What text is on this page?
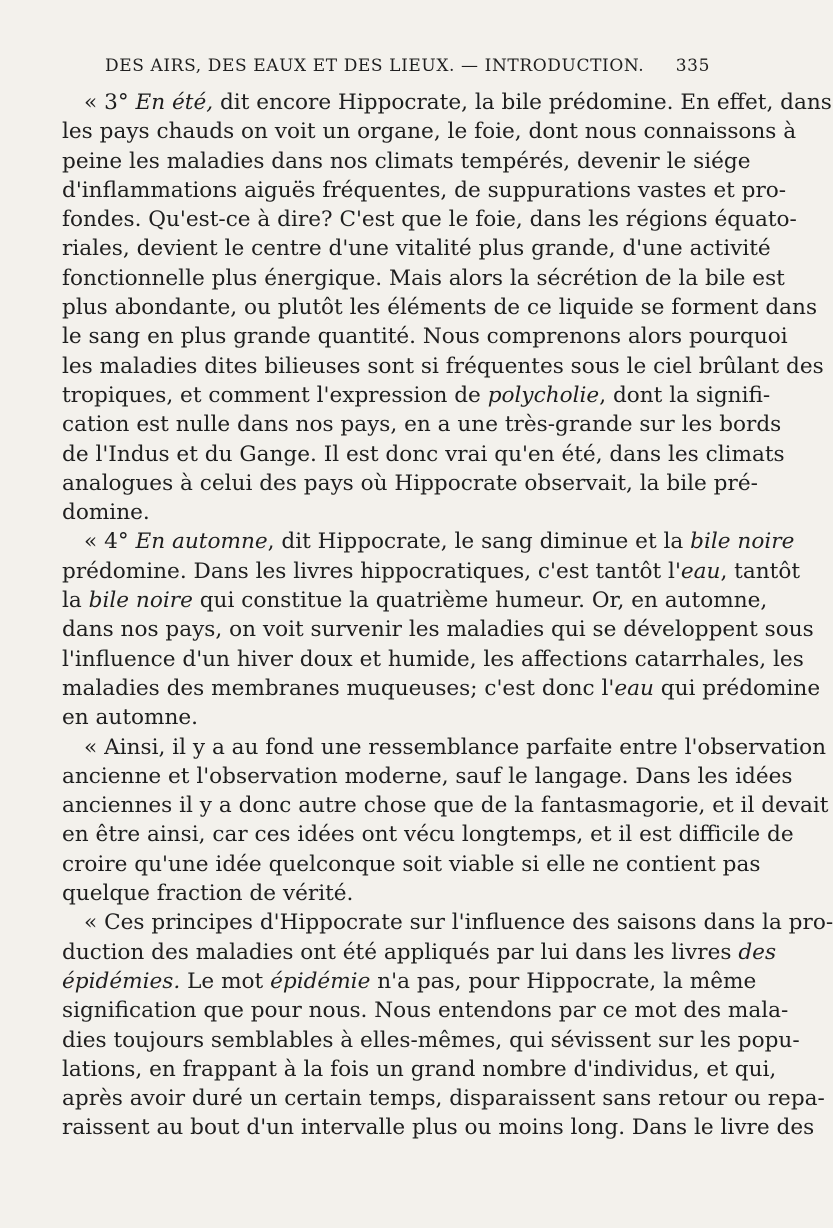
DES AIRS, DES EAUX ET DES LIEUX. — INTRODUCTION. 335
« 3° En été, dit encore Hippocrate, la bile prédomine. En effet, dans
les pays chauds on voit un organe, le foie, dont nous connaissons à
peine les maladies dans nos climats tempérés, devenir le siége
d'inflammations aiguës fréquentes, de suppurations vastes et pro-
fondes. Qu'est-ce à dire? C'est que le foie, dans les régions équato-
riales, devient le centre d'une vitalité plus grande, d'une activité
fonctionnelle plus énergique. Mais alors la sécrétion de la bile est
plus abondante, ou plutôt les éléments de ce liquide se forment dans
le sang en plus grande quantité. Nous comprenons alors pourquoi
les maladies dites bilieuses sont si fréquentes sous le ciel brûlant des
tropiques, et comment l'expression de polycholie, dont la signifi-
cation est nulle dans nos pays, en a une très-grande sur les bords
de l'Indus et du Gange. Il est donc vrai qu'en été, dans les climats
analogues à celui des pays où Hippocrate observait, la bile pré-
domine.
« 4° En automne, dit Hippocrate, le sang diminue et la bile noire
prédomine. Dans les livres hippocratiques, c'est tantôt l'eau, tantôt
la bile noire qui constitue la quatrième humeur. Or, en automne,
dans nos pays, on voit survenir les maladies qui se développent sous
l'influence d'un hiver doux et humide, les affections catarrhales, les
maladies des membranes muqueuses; c'est donc l'eau qui prédomine
en automne.
« Ainsi, il y a au fond une ressemblance parfaite entre l'observation
ancienne et l'observation moderne, sauf le langage. Dans les idées
anciennes il y a donc autre chose que de la fantasmagorie, et il devait
en être ainsi, car ces idées ont vécu longtemps, et il est difficile de
croire qu'une idée quelconque soit viable si elle ne contient pas
quelque fraction de vérité.
« Ces principes d'Hippocrate sur l'influence des saisons dans la pro-
duction des maladies ont été appliqués par lui dans les livres des
épidémies. Le mot épidémie n'a pas, pour Hippocrate, la même
signification que pour nous. Nous entendons par ce mot des mala-
dies toujours semblables à elles-mêmes, qui sévissent sur les popu-
lations, en frappant à la fois un grand nombre d'individus, et qui,
après avoir duré un certain temps, disparaissent sans retour ou repa-
raissent au bout d'un intervalle plus ou moins long. Dans le livre des
